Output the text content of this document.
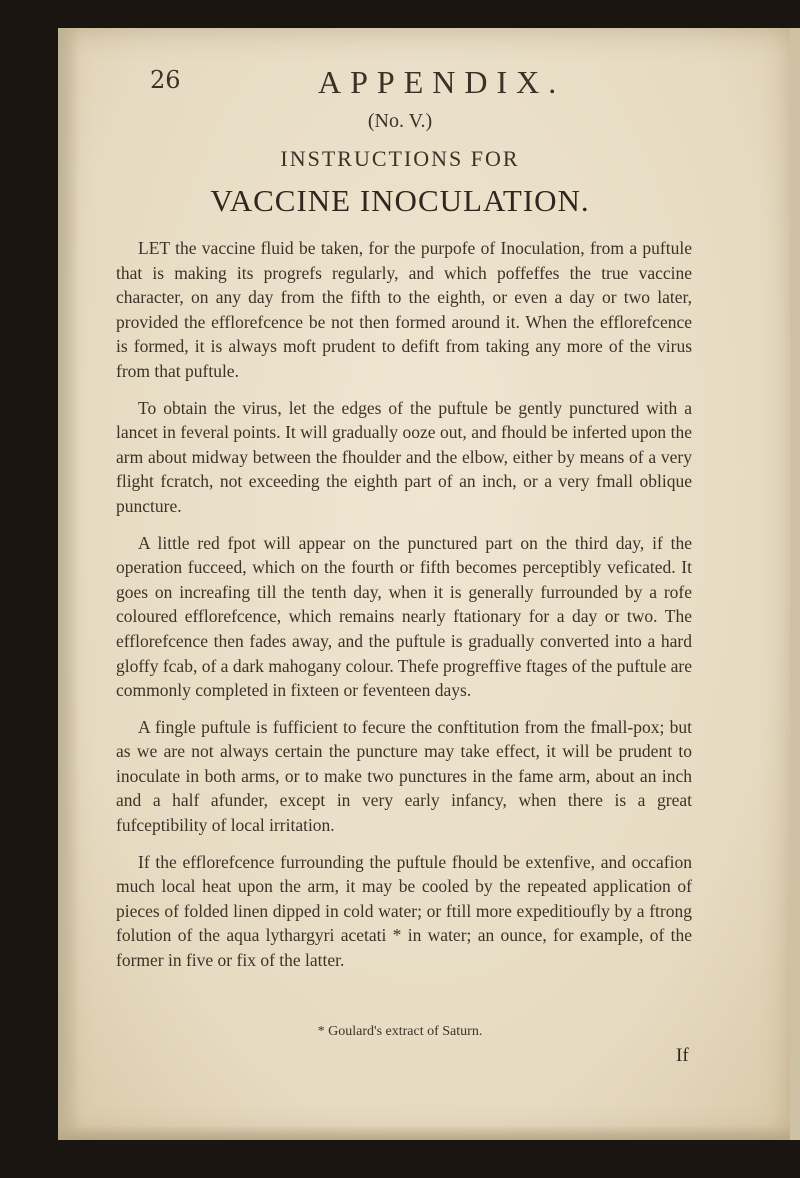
26	APPENDIX.
(No. V.)
INSTRUCTIONS FOR
VACCINE INOCULATION.

LET the vaccine fluid be taken, for the purpofe of Inoculation, from a puftule that is making its progrefs regularly, and which poffeffes the true vaccine character, on any day from the fifth to the eighth, or even a day or two later, provided the efflorefcence be not then formed around it. When the efflorefcence is formed, it is always moft prudent to defift from taking any more of the virus from that puftule.

To obtain the virus, let the edges of the puftule be gently punctured with a lancet in feveral points. It will gradually ooze out, and fhould be inferted upon the arm about midway between the fhoulder and the elbow, either by means of a very flight fcratch, not exceeding the eighth part of an inch, or a very fmall oblique puncture.

A little red fpot will appear on the punctured part on the third day, if the operation fucceed, which on the fourth or fifth becomes perceptibly veficated. It goes on increafing till the tenth day, when it is generally furrounded by a rofe coloured efflorefcence, which remains nearly ftationary for a day or two. The efflorefcence then fades away, and the puftule is gradually converted into a hard gloffy fcab, of a dark mahogany colour. Thefe progreffive ftages of the puftule are commonly completed in fixteen or feventeen days.

A fingle puftule is fufficient to fecure the conftitution from the fmall-pox; but as we are not always certain the puncture may take effect, it will be prudent to inoculate in both arms, or to make two punctures in the fame arm, about an inch and a half afunder, except in very early infancy, when there is a great fufceptibility of local irritation.

If the efflorefcence furrounding the puftule fhould be extenfive, and occafion much local heat upon the arm, it may be cooled by the repeated application of pieces of folded linen dipped in cold water; or ftill more expeditioufly by a ftrong folution of the aqua lythargyri acetati * in water; an ounce, for example, of the former in five or fix of the latter.

* Goulard's extract of Saturn.
If
